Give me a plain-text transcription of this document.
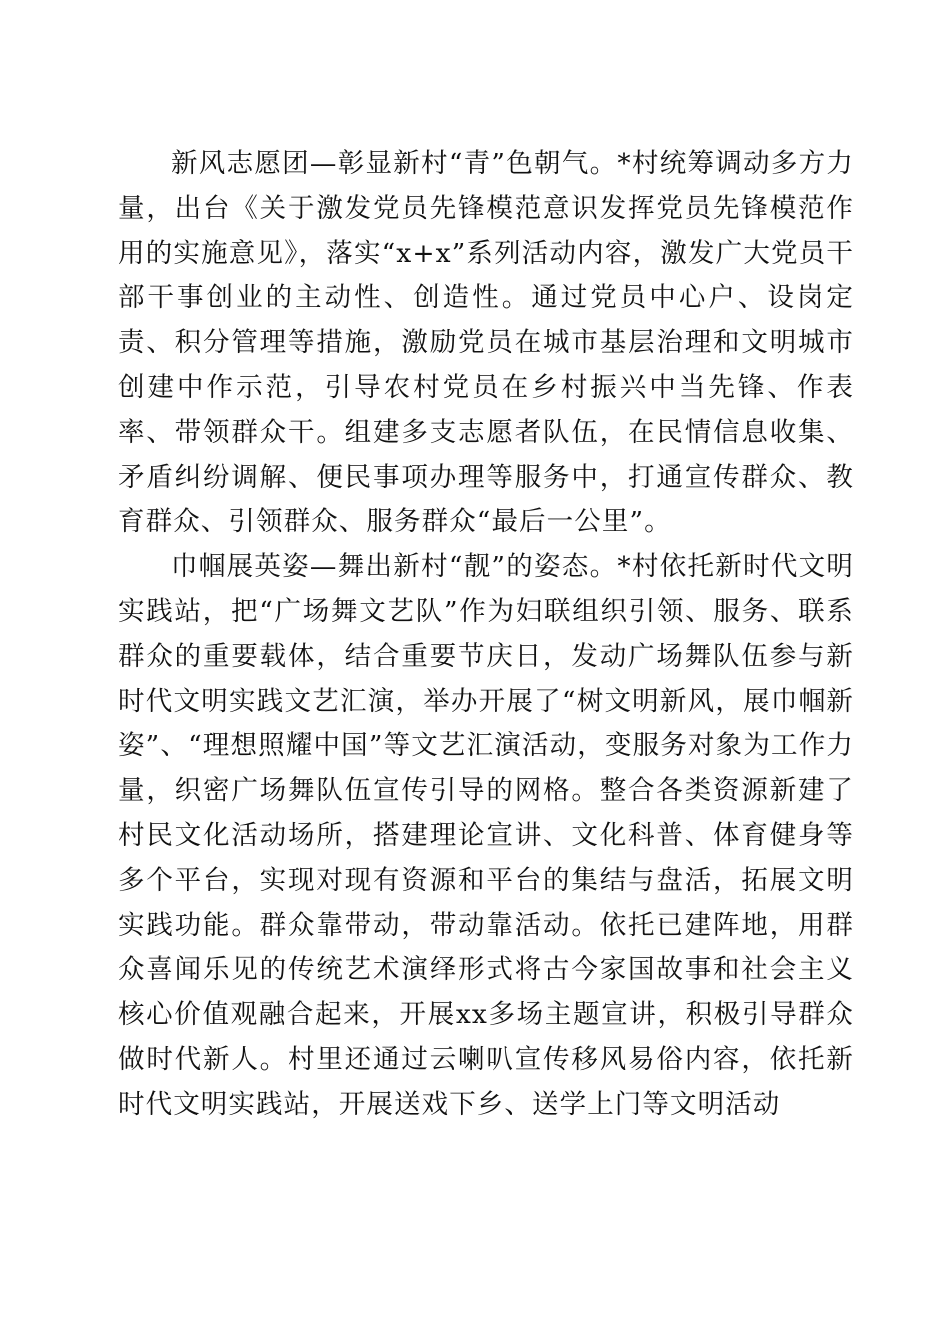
新风志愿团—彰显新村“青”色朝气。*村统筹调动多方力量，出台《关于激发党员先锋模范意识发挥党员先锋模范作用的实施意见》，落实“x+x”系列活动内容，激发广大党员干部干事创业的主动性、创造性。通过党员中心户、设岗定责、积分管理等措施，激励党员在城市基层治理和文明城市创建中作示范，引导农村党员在乡村振兴中当先锋、作表率、带领群众干。组建多支志愿者队伍，在民情信息收集、矛盾纠纷调解、便民事项办理等服务中，打通宣传群众、教育群众、引领群众、服务群众“最后一公里”。

巾帼展英姿—舞出新村“靓”的姿态。*村依托新时代文明实践站，把“广场舞文艺队”作为妇联组织引领、服务、联系群众的重要载体，结合重要节庆日，发动广场舞队伍参与新时代文明实践文艺汇演，举办开展了“树文明新风，展巾帼新姿”、“理想照耀中国”等文艺汇演活动，变服务对象为工作力量，织密广场舞队伍宣传引导的网格。整合各类资源新建了村民文化活动场所，搭建理论宣讲、文化科普、体育健身等多个平台，实现对现有资源和平台的集结与盘活，拓展文明实践功能。群众靠带动，带动靠活动。依托已建阵地，用群众喜闻乐见的传统艺术演绎形式将古今家国故事和社会主义核心价值观融合起来，开展xx多场主题宣讲，积极引导群众做时代新人。村里还通过云喇叭宣传移风易俗内容，依托新时代文明实践站，开展送戏下乡、送学上门等文明活动
